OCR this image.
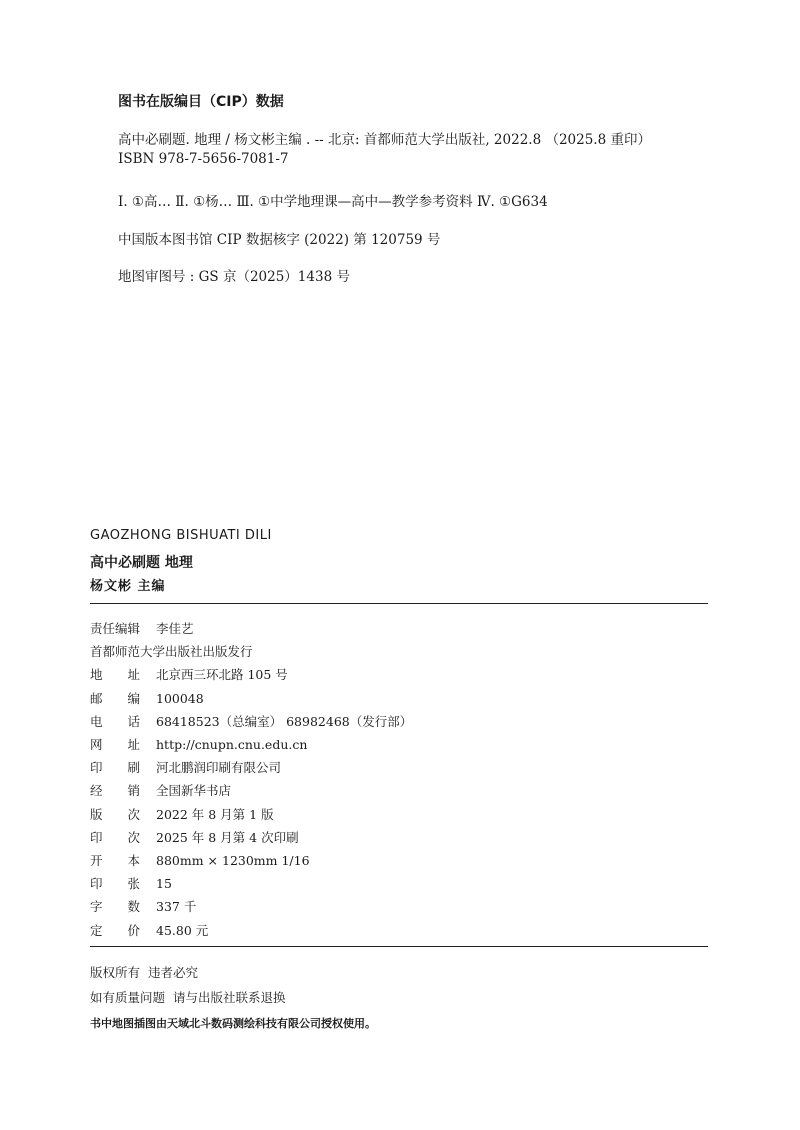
图书在版编目（CIP）数据
高中必刷题. 地理 / 杨文彬主编 . -- 北京: 首都师范大学出版社, 2022.8 （2025.8 重印）
ISBN 978-7-5656-7081-7
Ⅰ. ①高… Ⅱ. ①杨… Ⅲ. ①中学地理课—高中—教学参考资料 Ⅳ. ①G634
中国版本图书馆 CIP 数据核字 (2022) 第 120759 号
地图审图号 : GS 京（2025）1438 号
GAOZHONG BISHUATI DILI
高中必刷题 地理
杨文彬 主编
责任编辑 李佳艺
首都师范大学出版社出版发行
地　　址 北京西三环北路 105 号
邮　　编 100048
电　　话 68418523（总编室） 68982468（发行部）
网　　址 http://cnupn.cnu.edu.cn
印　　刷 河北鹏润印刷有限公司
经　　销 全国新华书店
版　　次 2022 年 8 月第 1 版
印　　次 2025 年 8 月第 4 次印刷
开　　本 880mm × 1230mm 1/16
印　　张 15
字　　数 337 千
定　　价 45.80 元
版权所有 违者必究
如有质量问题 请与出版社联系退换
书中地图插图由天域北斗数码测绘科技有限公司授权使用。
